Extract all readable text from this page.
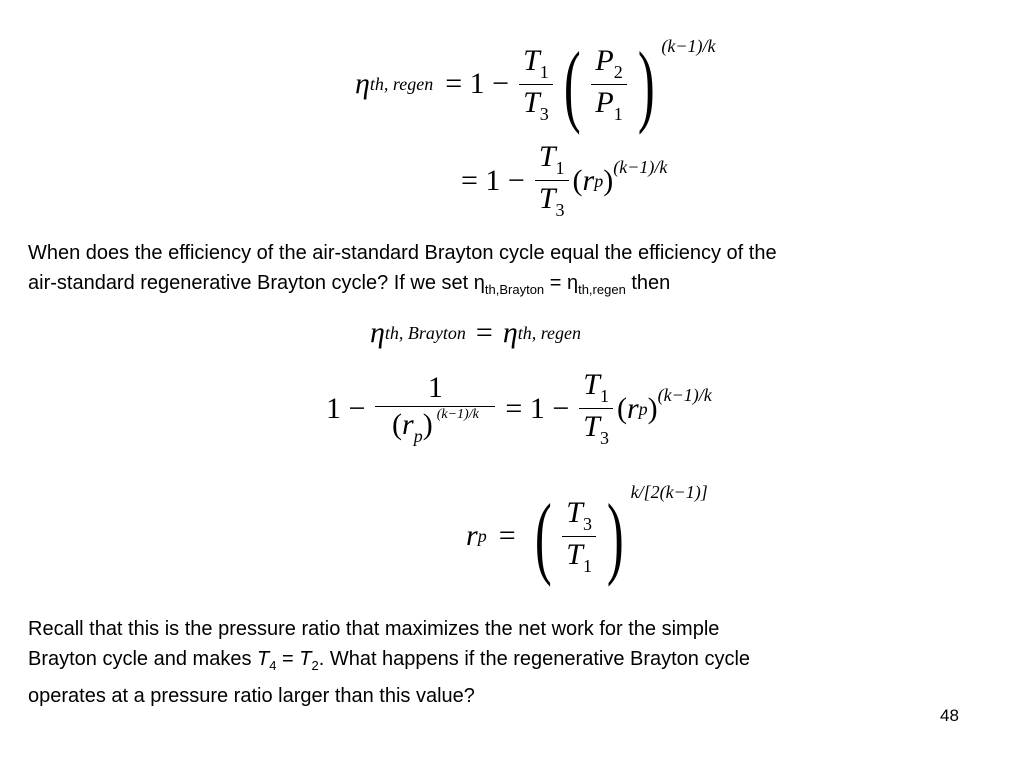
η th, regen = $1 - \frac{T_1}{T_3}$ ( $\frac{P_2}{P_1}$ ) (k−1)/k
= $1 - \frac{T_1}{T_3}$ ( r p ) (k−1)/k
When does the efficiency of the air-standard Brayton cycle equal the efficiency of the
air-standard regenerative Brayton cycle? If we set $\eta_{th,Brayton} = \eta_{th,regen}$ then
η th, Brayton = η th, regen
$1 - \frac{1}{(r_p) ^{(k-1)/k}} = 1 - \frac{T_1}{T_3}$ ( r p ) (k−1)/k
r p = ( $\frac{T_3}{T_1}$ ) k/[2(k−1)]
Recall that this is the pressure ratio that maximizes the net work for the simple
Brayton cycle and makes $T_4 = T_2$. What happens if the regenerative Brayton cycle
operates at a pressure ratio larger than this value?
48
